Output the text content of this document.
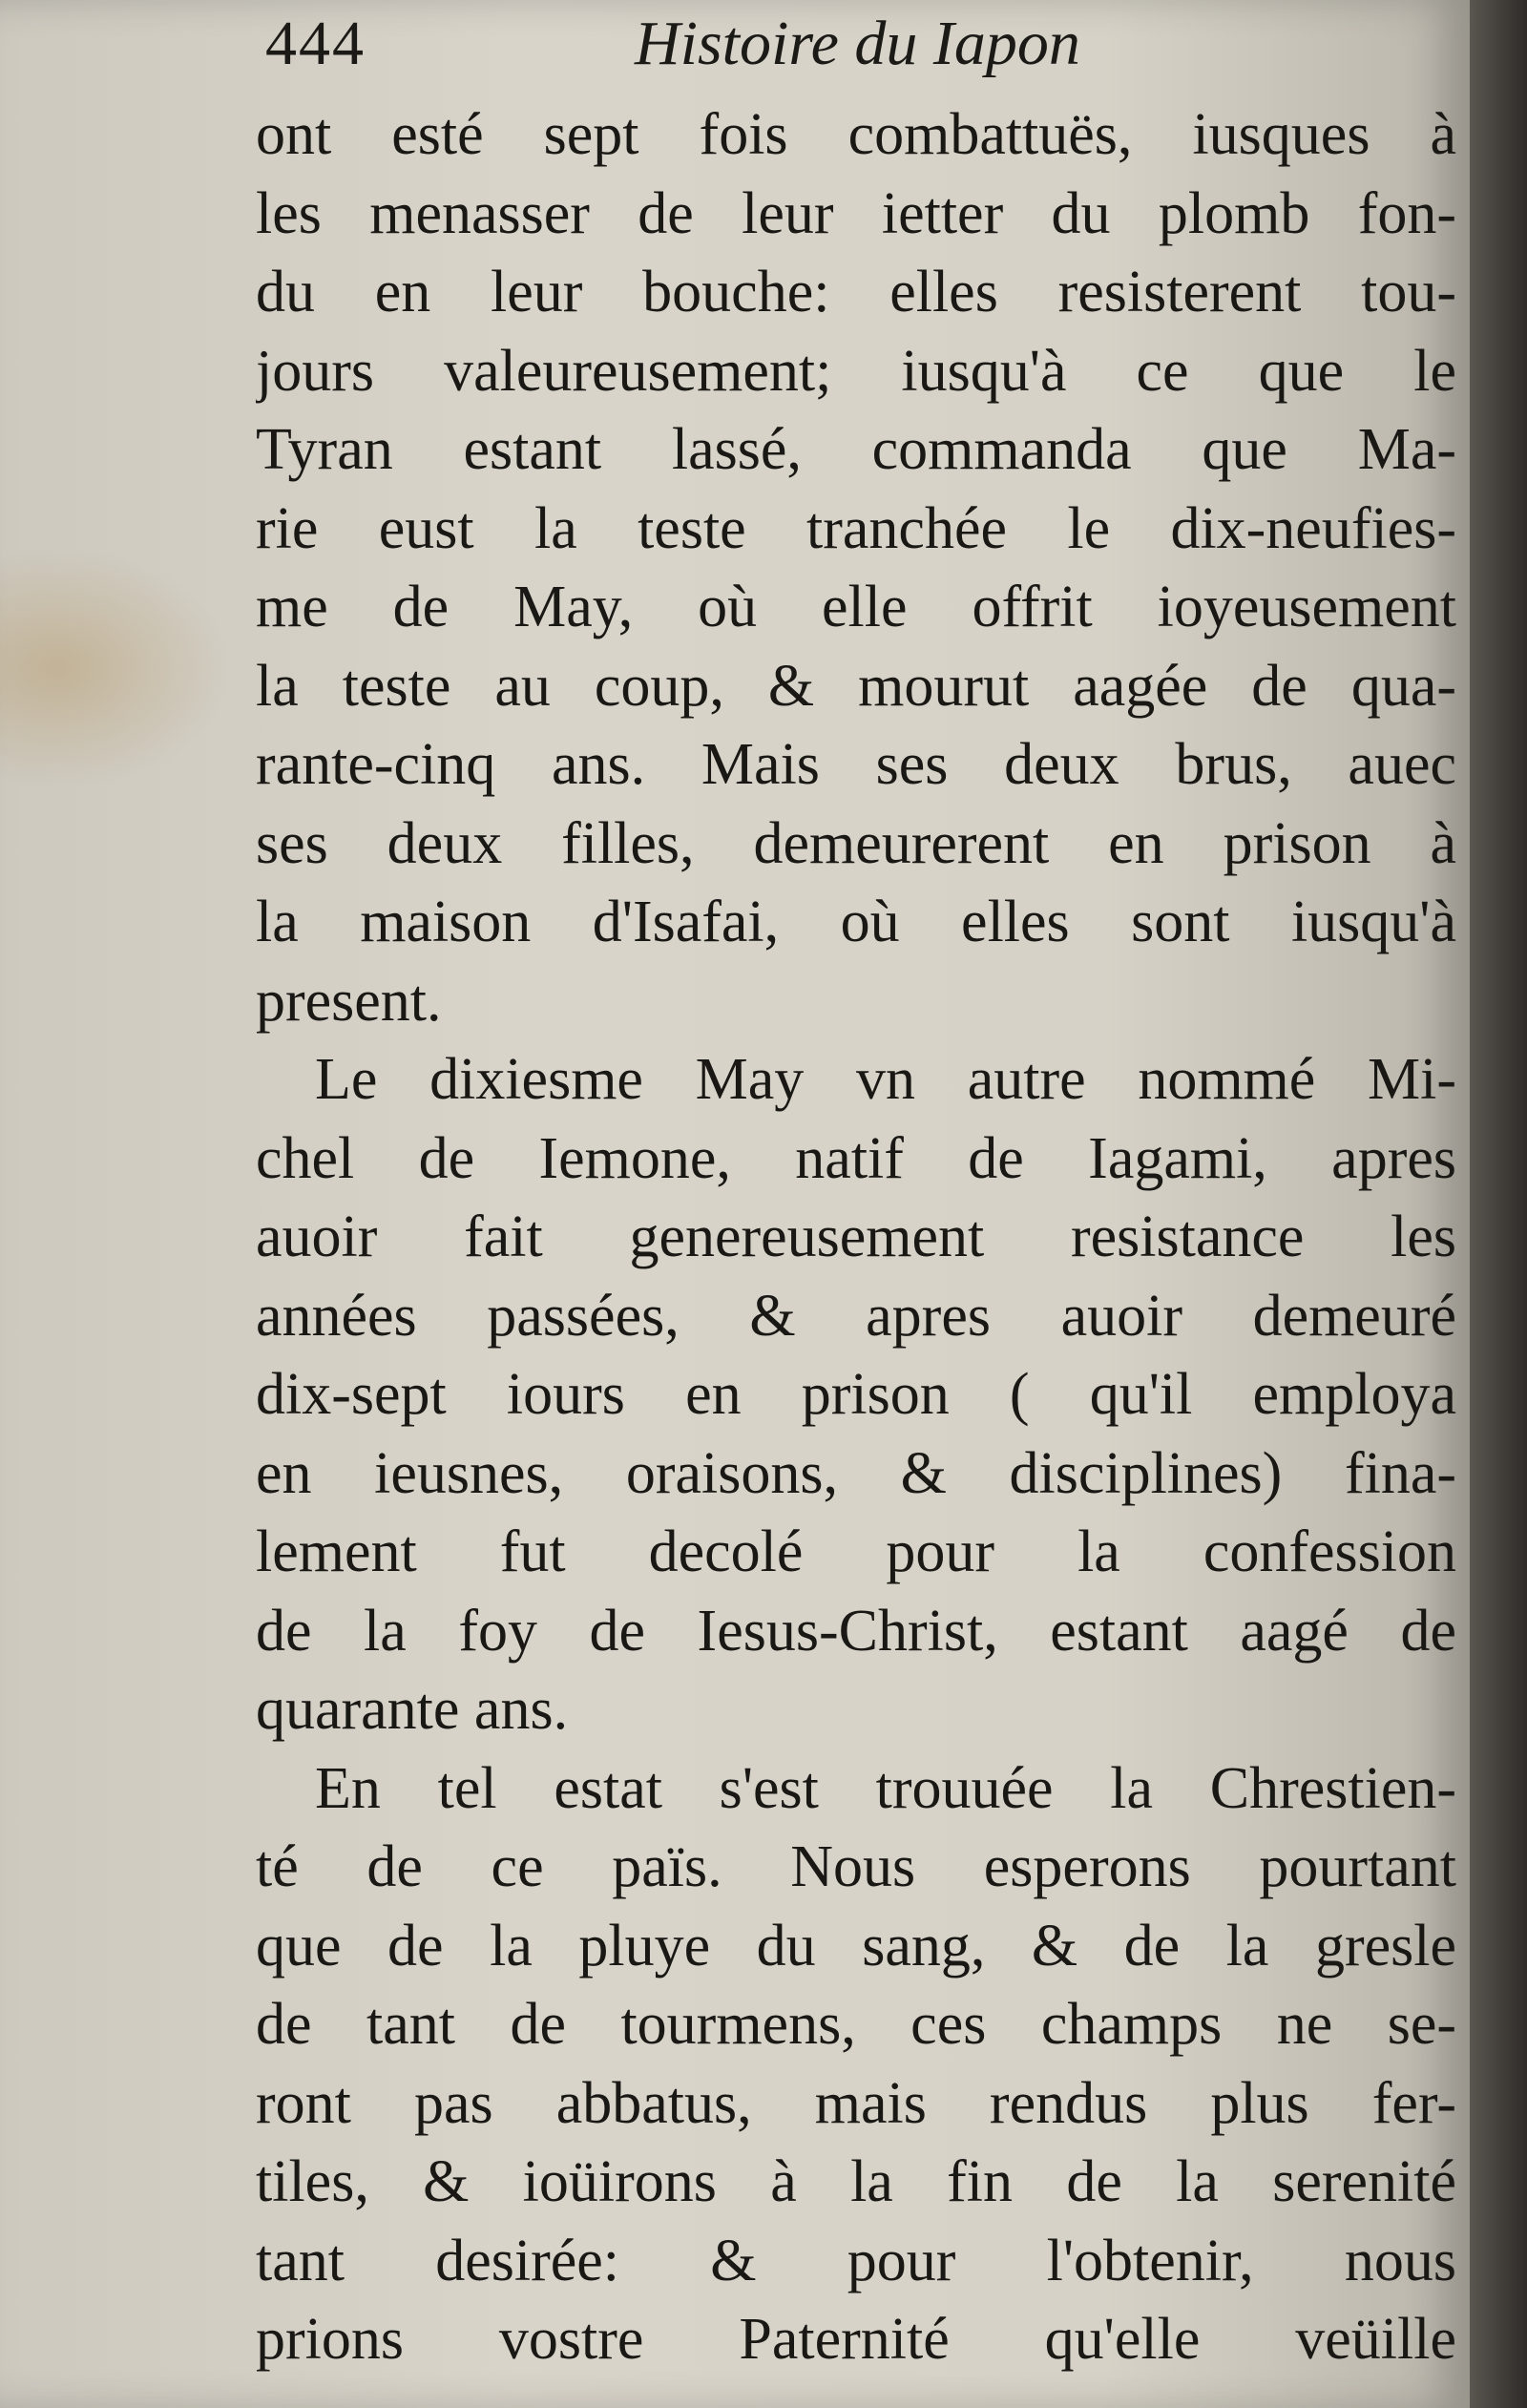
444	Histoire du Iapon
ont esté sept fois combattuës, iusques à
les menasser de leur ietter du plomb fon-
du en leur bouche: elles resisterent tou-
jours valeureusement; iusqu'à ce que le
Tyran estant lassé, commanda que Ma-
rie eust la teste tranchée le dix-neufies-
me de May, où elle offrit ioyeusement
la teste au coup, & mourut aagée de qua-
rante-cinq ans. Mais ses deux brus, auec
ses deux filles, demeurerent en prison à
la maison d'Isafai, où elles sont iusqu'à
present.
Le dixiesme May vn autre nommé Mi-
chel de Iemone, natif de Iagami, apres
auoir fait genereusement resistance les
années passées, & apres auoir demeuré
dix-sept iours en prison ( qu'il employa
en ieusnes, oraisons, & disciplines) fina-
lement fut decolé pour la confession
de la foy de Iesus-Christ, estant aagé de
quarante ans.
En tel estat s'est trouuée la Chrestien-
té de ce païs. Nous esperons pourtant
que de la pluye du sang, & de la gresle
de tant de tourmens, ces champs ne se-
ront pas abbatus, mais rendus plus fer-
tiles, & ioüirons à la fin de la serenité
tant desirée: & pour l'obtenir, nous
prions vostre Paternité qu'elle veüille
